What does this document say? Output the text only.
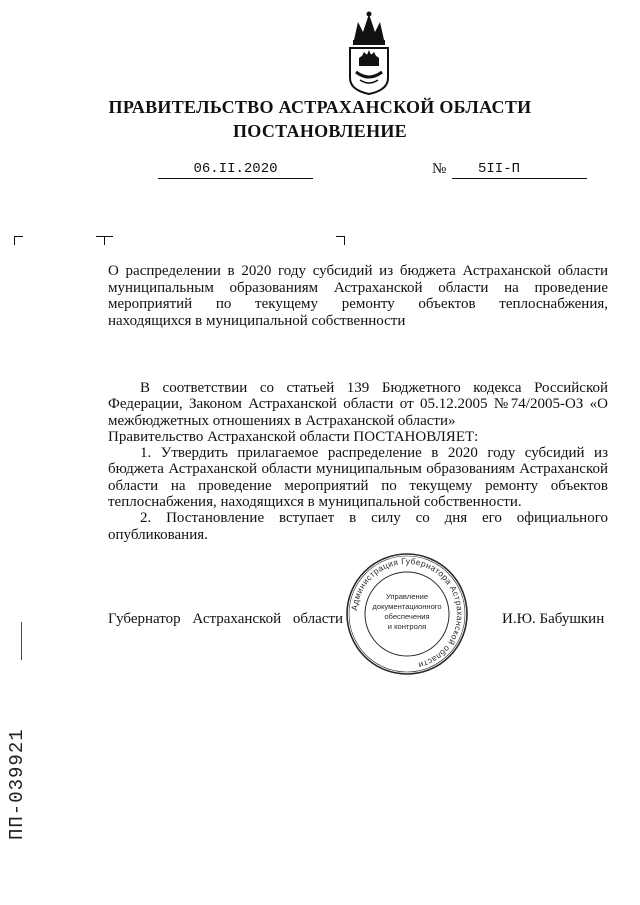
ПРАВИТЕЛЬСТВО АСТРАХАНСКОЙ ОБЛАСТИ
ПОСТАНОВЛЕНИЕ
06.II.2020	№	5II-П
О распределении в 2020 году субсидий из бюджета Астраханской области
муниципальным образованиям Астраханской области на проведение
мероприятий по текущему ремонту объектов теплоснабжения,
находящихся в муниципальной собственности

В соответствии со статьей 139 Бюджетного кодекса Российской Федерации, Законом Астраханской области от 05.12.2005 №74/2005-ОЗ «О межбюджетных отношениях в Астраханской области»

Правительство Астраханской области ПОСТАНОВЛЯЕТ:

1. Утвердить прилагаемое распределение в 2020 году субсидий из бюджета Астраханской области муниципальным образованиям Астраханской области на проведение мероприятий по текущему ремонту объектов теплоснабжения, находящихся в муниципальной собственности.

2. Постановление вступает в силу со дня его официального опубликования.

Губернатор Астраханской области	И.Ю. Бабушкин
Администрация Губернатора Астраханской области
Управление
документационного
обеспечения
и контроля
ПП-039921
